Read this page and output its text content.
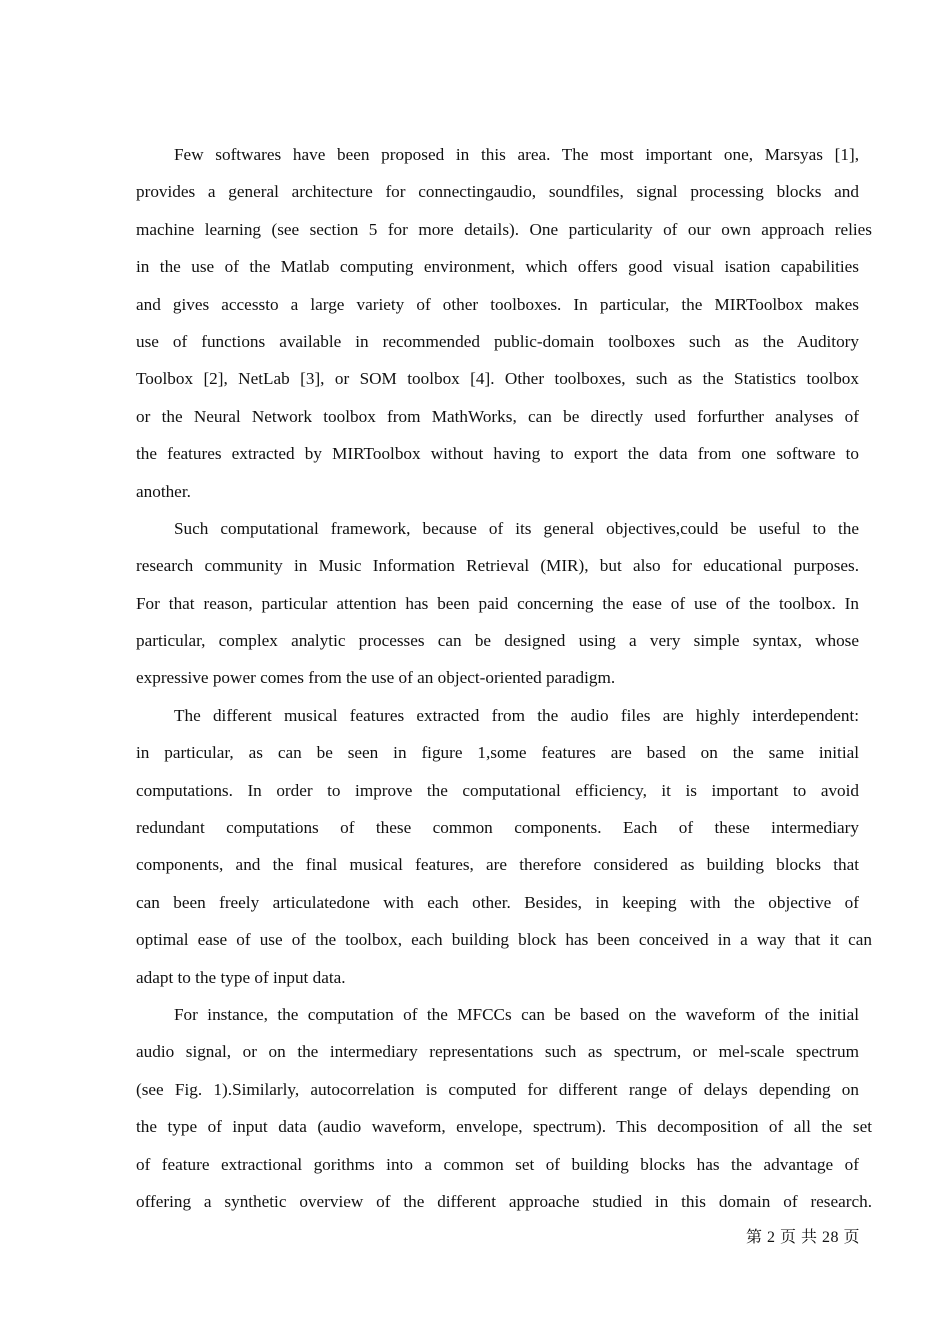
Few softwares have been proposed in this area. The most important one, Marsyas [1],
provides a general architecture for connectingaudio, soundfiles, signal processing blocks and
machine learning (see section 5 for more details). One particularity of our own approach relies
in the use of the Matlab computing environment, which offers good visual isation capabilities
and gives accessto a large variety of other toolboxes. In particular, the MIRToolbox makes
use of functions available in recommended public-domain toolboxes such as the Auditory
Toolbox [2], NetLab [3], or SOM toolbox [4]. Other toolboxes, such as the Statistics toolbox
or the Neural Network toolbox from MathWorks, can be directly used forfurther analyses of
the features extracted by MIRToolbox without having to export the data from one software to
another.
Such computational framework, because of its general objectives,could be useful to the
research community in Music Information Retrieval (MIR), but also for educational purposes.
For that reason, particular attention has been paid concerning the ease of use of the toolbox. In
particular, complex analytic processes can be designed using a very simple syntax, whose
expressive power comes from the use of an object-oriented paradigm.
The different musical features extracted from the audio files are highly interdependent:
in particular, as can be seen in figure 1,some features are based on the same initial
computations. In order to improve the computational efficiency, it is important to avoid
redundant computations of these common components. Each of these intermediary
components, and the final musical features, are therefore considered as building blocks that
can been freely articulatedone with each other. Besides, in keeping with the objective of
optimal ease of use of the toolbox, each building block has been conceived in a way that it can
adapt to the type of input data.
For instance, the computation of the MFCCs can be based on the waveform of the initial
audio signal, or on the intermediary representations such as spectrum, or mel-scale spectrum
(see Fig. 1).Similarly, autocorrelation is computed for different range of delays depending on
the type of input data (audio waveform, envelope, spectrum). This decomposition of all the set
of feature extractional gorithms into a common set of building blocks has the advantage of
offering a synthetic overview of the different approache studied in this domain of research.
第 2 页 共 28 页
